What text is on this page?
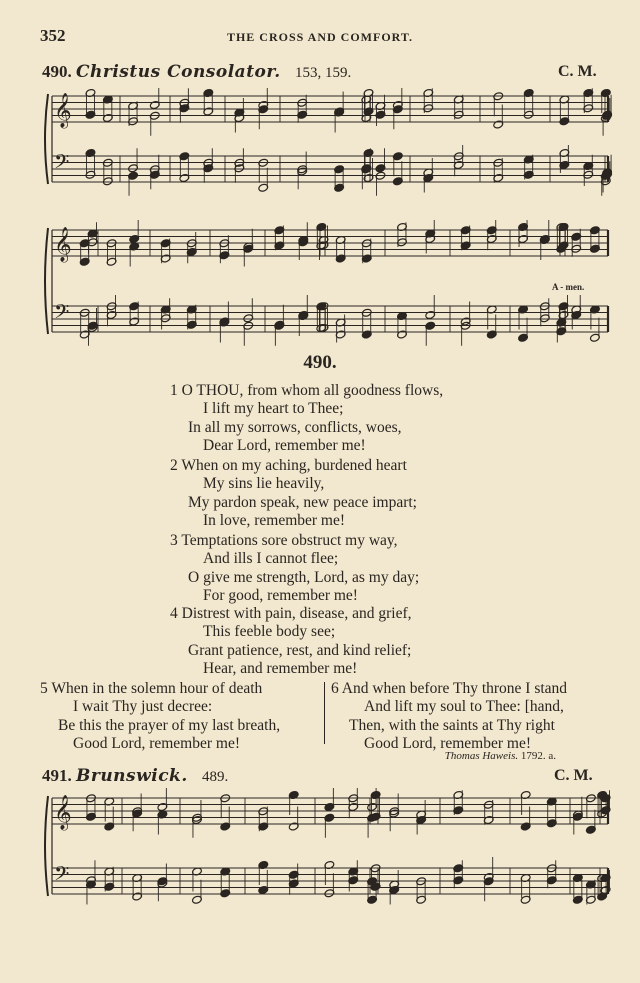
352	THE CROSS AND COMFORT.
490. Christus Consolator. 153, 159.	C. M.
𝄞
𝄢
𝄞
𝄢
A - men.
490.
1 O THOU, from whom all goodness flows,
I lift my heart to Thee;
In all my sorrows, conflicts, woes,
Dear Lord, remember me!
2 When on my aching, burdened heart
My sins lie heavily,
My pardon speak, new peace impart;
In love, remember me!
3 Temptations sore obstruct my way,
And ills I cannot flee;
O give me strength, Lord, as my day;
For good, remember me!
4 Distrest with pain, disease, and grief,
This feeble body see;
Grant patience, rest, and kind relief;
Hear, and remember me!
5 When in the solemn hour of death
I wait Thy just decree:
Be this the prayer of my last breath,
Good Lord, remember me!
6 And when before Thy throne I stand
And lift my soul to Thee: [hand,
Then, with the saints at Thy right
Good Lord, remember me!
Thomas Haweis. 1792. a.
491. Brunswick. 489.	C. M.
𝄞
𝄢
